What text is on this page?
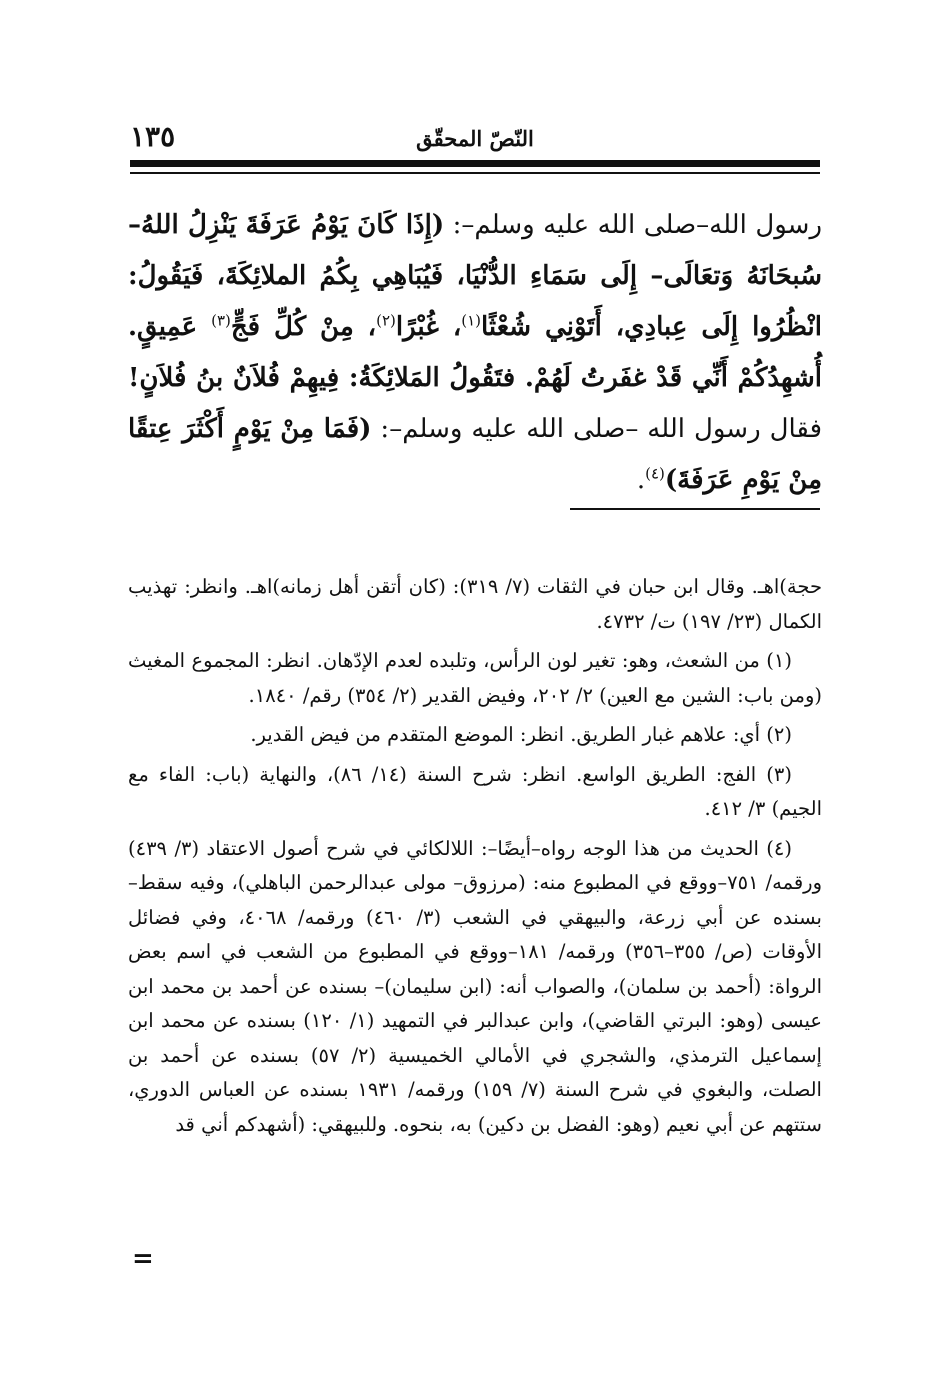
١٣٥	النّصّ المحقّق

رسول الله–صلى الله عليه وسلم–: (إِذَا كَانَ يَوْمُ عَرَفَةَ يَنْزِلُ اللهُ–سُبحَانَهُ وَتعَالَى– إِلَى سَمَاءِ الدُّنْيَا، فَيُبَاهِي بِكُمُ الملائِكَةَ، فَيَقُولُ: انْظُرُوا إِلَى عِبادِي، أَتَوْنِي شُعْثًا$^{(١)}$، غُبْرًا$^{(٢)}$، مِنْ كُلِّ فَجٍّ$^{(٣)}$ عَمِيقٍ. أُشهِدُكُمْ أَنِّي قَدْ غفَرتُ لَهُمْ. فتَقُولُ المَلائِكَةُ: فِيهِمْ فُلاَنٌ بنُ فُلاَنٍ! فقال رسول الله –صلى الله عليه وسلم–: (فَمَا مِنْ يَوْمٍ أَكْثَرَ عِتقًا مِنْ يَوْمِ عَرَفَةَ)$^{(٤)}$.

حجة)اهـ. وقال ابن حبان في الثقات (٧/ ٣١٩): (كان أتقن أهل زمانه)اهـ. وانظر: تهذيب الكمال (٢٣/ ١٩٧) ت/ ٤٧٣٢.

(١) من الشعث، وهو: تغير لون الرأس، وتلبده لعدم الإدّهان. انظر: المجموع المغيث (ومن باب: الشين مع العين) ٢/ ٢٠٢، وفيض القدير (٢/ ٣٥٤) رقم/ ١٨٤٠.

(٢) أي: علاهم غبار الطريق. انظر: الموضع المتقدم من فيض القدير.

(٣) الفج: الطريق الواسع. انظر: شرح السنة (١٤/ ٨٦)، والنهاية (باب: الفاء مع الجيم) ٣/ ٤١٢.

(٤) الحديث من هذا الوجه رواه–أيضًا–: اللالكائي في شرح أصول الاعتقاد (٣/ ٤٣٩) ورقمه/ ٧٥١–ووقع في المطبوع منه: (مرزوق– مولى عبدالرحمن الباهلي)، وفيه سقط– بسنده عن أبي زرعة، والبيهقي في الشعب (٣/ ٤٦٠) ورقمه/ ٤٠٦٨، وفي فضائل الأوقات (ص/ ٣٥٥–٣٥٦) ورقمه/ ١٨١–ووقع في المطبوع من الشعب في اسم بعض الرواة: (أحمد بن سلمان)، والصواب أنه: (ابن سليمان)– بسنده عن أحمد بن محمد ابن عيسى (وهو: البرتي القاضي)، وابن عبدالبر في التمهيد (١/ ١٢٠) بسنده عن محمد ابن إسماعيل الترمذي، والشجري في الأمالي الخميسية (٢/ ٥٧) بسنده عن أحمد بن الصلت، والبغوي في شرح السنة (٧/ ١٥٩) ورقمه/ ١٩٣١ بسنده عن العباس الدوري، ستتهم عن أبي نعيم (وهو: الفضل بن دكين) به، بنحوه. وللبيهقي: (أشهدكم أني قد

=
